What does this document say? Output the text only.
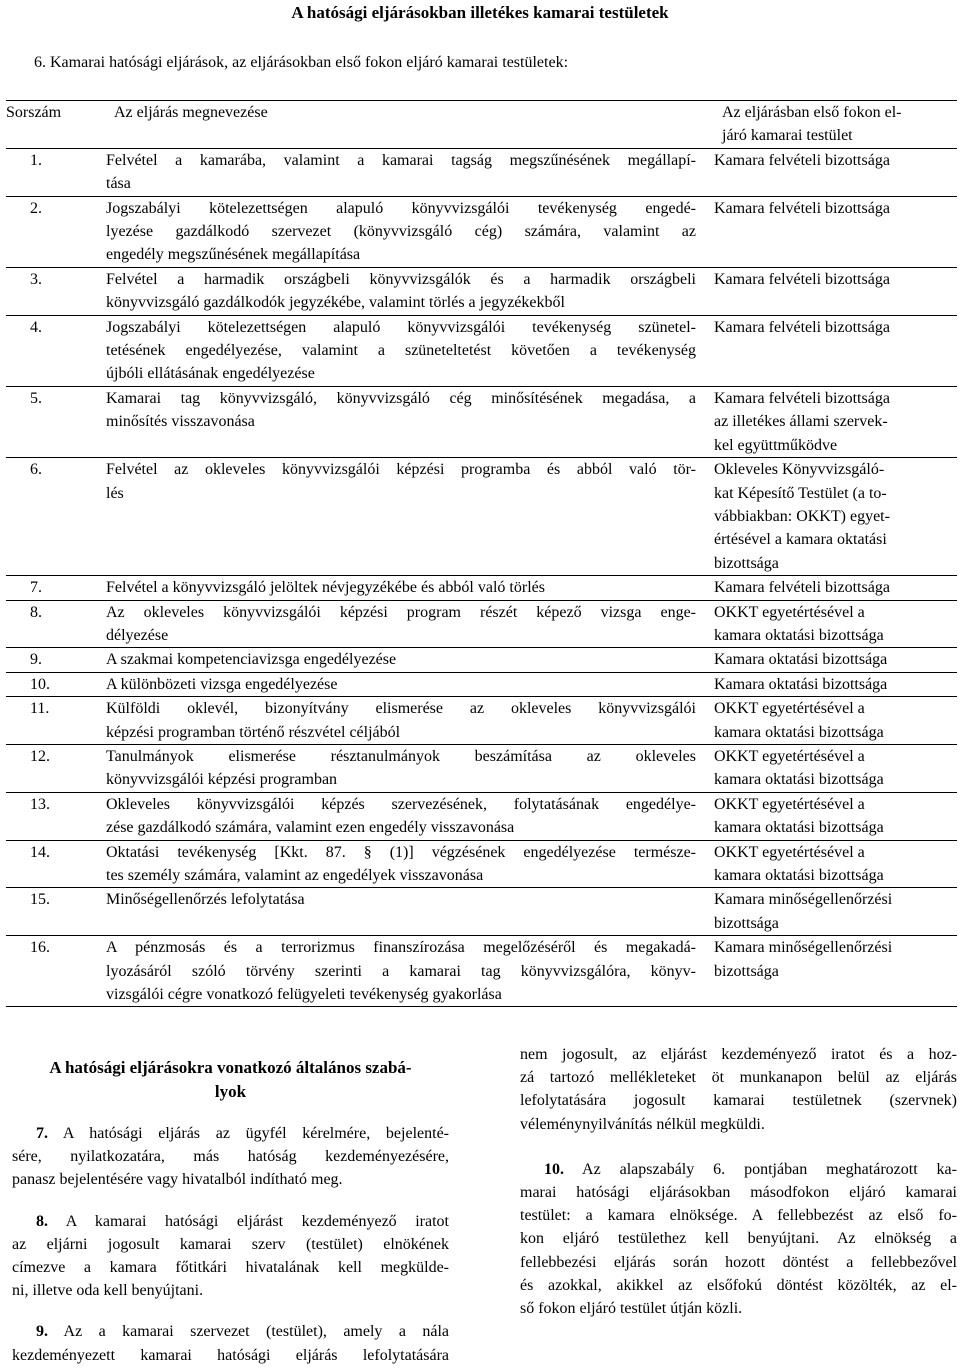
A hatósági eljárásokban illetékes kamarai testületek
6. Kamarai hatósági eljárások, az eljárásokban első fokon eljáró kamarai testületek:
Sorszám	Az eljárás megnevezése	Az eljárásban első fokon el-
járó kamarai testület
1.	Felvétel a kamarába, valamint a kamarai tagság megszűnésének megállapí-
tása
Kamara felvételi bizottsága
2.	Jogszabályi kötelezettségen alapuló könyvvizsgálói tevékenység engedé-
lyezése gazdálkodó szervezet (könyvvizsgáló cég) számára, valamint az
engedély megszűnésének megállapítása
Kamara felvételi bizottsága
3.	Felvétel a harmadik országbeli könyvvizsgálók és a harmadik országbeli
könyvvizsgáló gazdálkodók jegyzékébe, valamint törlés a jegyzékekből
Kamara felvételi bizottsága
4.	Jogszabályi kötelezettségen alapuló könyvvizsgálói tevékenység szünetel-
tetésének engedélyezése, valamint a szüneteltetést követően a tevékenység
újbóli ellátásának engedélyezése
Kamara felvételi bizottsága
5.	Kamarai tag könyvvizsgáló, könyvvizsgáló cég minősítésének megadása, a
minősítés visszavonása
Kamara felvételi bizottsága
az illetékes állami szervek-
kel együttműködve
6.	Felvétel az okleveles könyvvizsgálói képzési programba és abból való tör-
lés
Okleveles Könyvvizsgáló-
kat Képesítő Testület (a to-
vábbiakban: OKKT) egyet-
értésével a kamara oktatási
bizottsága
7.	Felvétel a könyvvizsgáló jelöltek névjegyzékébe és abból való törlés	Kamara felvételi bizottsága
8.	Az okleveles könyvvizsgálói képzési program részét képező vizsga enge-
délyezése
OKKT egyetértésével a
kamara oktatási bizottsága
9.	A szakmai kompetenciavizsga engedélyezése	Kamara oktatási bizottsága
10.	A különbözeti vizsga engedélyezése	Kamara oktatási bizottsága
11.	Külföldi oklevél, bizonyítvány elismerése az okleveles könyvvizsgálói
képzési programban történő részvétel céljából
OKKT egyetértésével a
kamara oktatási bizottsága
12.	Tanulmányok elismerése résztanulmányok beszámítása az okleveles
könyvvizsgálói képzési programban
OKKT egyetértésével a
kamara oktatási bizottsága
13.	Okleveles könyvvizsgálói képzés szervezésének, folytatásának engedélye-
zése gazdálkodó számára, valamint ezen engedély visszavonása
OKKT egyetértésével a
kamara oktatási bizottsága
14.	Oktatási tevékenység [Kkt. 87. § (1)] végzésének engedélyezése természe-
tes személy számára, valamint az engedélyek visszavonása
OKKT egyetértésével a
kamara oktatási bizottsága
15.	Minőségellenőrzés lefolytatása	Kamara minőségellenőrzési
bizottsága
16.	A pénzmosás és a terrorizmus finanszírozása megelőzéséről és megakadá-
lyozásáról szóló törvény szerinti a kamarai tag könyvvizsgálóra, könyv-
vizsgálói cégre vonatkozó felügyeleti tevékenység gyakorlása
Kamara minőségellenőrzési
bizottsága
A hatósági eljárásokra vonatkozó általános szabá-
lyok
7. A hatósági eljárás az ügyfél kérelmére, bejelenté-
sére, nyilatkozatára, más hatóság kezdeményezésére,
panasz bejelentésére vagy hivatalból indítható meg.
8. A kamarai hatósági eljárást kezdeményező iratot
az eljárni jogosult kamarai szerv (testület) elnökének
címezve a kamara főtitkári hivatalának kell megkülde-
ni, illetve oda kell benyújtani.
9. Az a kamarai szervezet (testület), amely a nála
kezdeményezett kamarai hatósági eljárás lefolytatására
nem jogosult, az eljárást kezdeményező iratot és a hoz-
zá tartozó mellékleteket öt munkanapon belül az eljárás
lefolytatására jogosult kamarai testületnek (szervnek)
véleménynyilvánítás nélkül megküldi.
10. Az alapszabály 6. pontjában meghatározott ka-
marai hatósági eljárásokban másodfokon eljáró kamarai
testület: a kamara elnöksége. A fellebbezést az első fo-
kon eljáró testülethez kell benyújtani. Az elnökség a
fellebbezési eljárás során hozott döntést a fellebbezővel
és azokkal, akikkel az elsőfokú döntést közölték, az el-
ső fokon eljáró testület útján közli.
